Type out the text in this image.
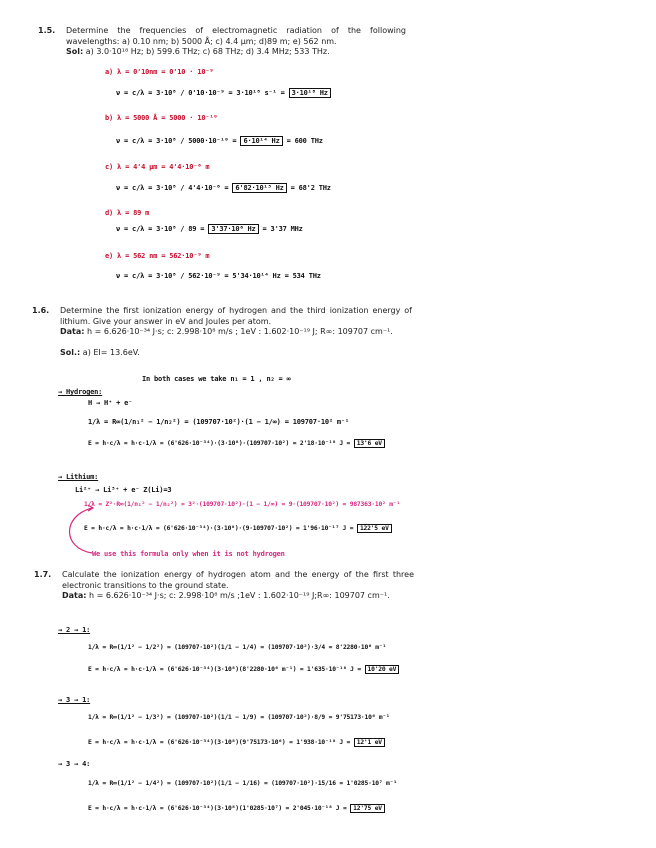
1.5. Determine the frequencies of electromagnetic radiation of the following wavelengths: a) 0.10 nm; b) 5000 Å; c) 4.4 μm; d)89 m; e) 562 nm.
Sol: a) 3.0·10¹⁸ Hz; b) 599.6 THz; c) 68 THz; d) 3.4 MHz; 533 THz.
a) λ = 0'10nm = 0'10 · 10⁻⁹
ν = c/λ = 3·10⁸ / 0'10·10⁻⁹ = 3·10¹⁸ s⁻¹ = 3·10¹⁸ Hz
b) λ = 5000 Å = 5000 · 10⁻¹⁰
ν = c/λ = 3·10⁸ / 5000·10⁻¹⁰ = 6·10¹⁴ Hz = 600 THz
c) λ = 4'4 μm = 4'4·10⁻⁶ m
ν = c/λ = 3·10⁸ / 4'4·10⁻⁶ = 6'82·10¹³ Hz = 68'2 THz
d) λ = 89 m
ν = c/λ = 3·10⁸ / 89 = 3'37·10⁶ Hz = 3'37 MHz
e) λ = 562 nm = 562·10⁻⁹ m
ν = c/λ = 3·10⁸ / 562·10⁻⁹ = 5'34·10¹⁴ Hz = 534 THz
1.6. Determine the first ionization energy of hydrogen and the third ionization energy of lithium. Give your answer in eV and Joules per atom.
Data: h = 6.626·10⁻³⁴ J·s; c: 2.998·10⁸ m/s ; 1eV : 1.602·10⁻¹⁹ J; R∞: 109707 cm⁻¹.
Sol.: a) EI= 13.6eV.
In both cases we take n₁ = 1 , n₂ = ∞
→ Hydrogen:
H → H⁺ + e⁻
1/λ = R∞(1/n₁² − 1/n₂²) = (109707·10²)·(1 − 1/∞) = 109707·10² m⁻¹
E = h·c/λ = h·c·1/λ = (6'626·10⁻³⁴)·(3·10⁸)·(109707·10²) = 2'18·10⁻¹⁸ J = 13'6 eV
→ Lithium:
Li²⁺ → Li³⁺ + e⁻ Z(Li)=3
1/λ = Z²·R∞(1/n₁² − 1/n₂²) = 3²·(109707·10²)·(1 − 1/∞) = 9·(109707·10²) = 987363·10² m⁻¹
E = h·c/λ = h·c·1/λ = (6'626·10⁻³⁴)·(3·10⁸)·(9·109707·10²) = 1'96·10⁻¹⁷ J = 122'5 eV
We use this formula only when it is not hydrogen
1.7. Calculate the ionization energy of hydrogen atom and the energy of the first three electronic transitions to the ground state.
Data: h = 6.626·10⁻³⁴ J·s; c: 2.998·10⁸ m/s ;1eV : 1.602·10⁻¹⁹ J;R∞: 109707 cm⁻¹.
→ 2 → 1:
1/λ = R∞(1/1² − 1/2²) = (109707·10²)(1/1 − 1/4) = (109707·10²)·3/4 = 8'2280·10⁶ m⁻¹
E = h·c/λ = h·c·1/λ = (6'626·10⁻³⁴)(3·10⁸)(8'2280·10⁶ m⁻¹) = 1'635·10⁻¹⁸ J = 10'20 eV
→ 3 → 1:
1/λ = R∞(1/1² − 1/3²) = (109707·10²)(1/1 − 1/9) = (109707·10²)·8/9 = 9'75173·10⁶ m⁻¹
E = h·c/λ = h·c·1/λ = (6'626·10⁻³⁴)(3·10⁸)(9'75173·10⁶) = 1'938·10⁻¹⁸ J = 12'1 eV
→ 3 → 4:
1/λ = R∞(1/1² − 1/4²) = (109707·10²)(1/1 − 1/16) = (109707·10²)·15/16 = 1'0285·10⁷ m⁻¹
E = h·c/λ = h·c·1/λ = (6'626·10⁻³⁴)(3·10⁸)(1'0285·10⁷) = 2'045·10⁻¹⁸ J = 12'75 eV
